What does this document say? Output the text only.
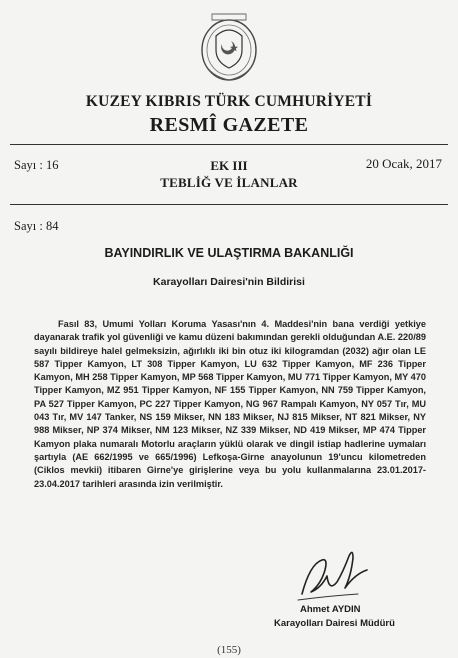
KUZEY KIBRIS TÜRK CUMHURİYETİ
RESMÎ GAZETE
Sayı : 16	EK III	20 Ocak, 2017
TEBLİĞ VE İLANLAR
Sayı : 84
BAYINDIRLIK VE ULAŞTIRMA BAKANLIĞI
Karayolları Dairesi'nin Bildirisi
Fasıl 83, Umumi Yolları Koruma Yasası'nın 4. Maddesi'nin bana verdiği yetkiye dayanarak trafik yol güvenliği ve kamu düzeni bakımından gerekli olduğundan A.E. 220/89 sayılı bildireye halel gelmeksizin, ağırlıklı iki bin otuz iki kilogramdan (2032) ağır olan LE 587 Tipper Kamyon, LT 308 Tipper Kamyon, LU 632 Tipper Kamyon, MF 236 Tipper Kamyon, MH 258 Tipper Kamyon, MP 568 Tipper Kamyon, MU 771 Tipper Kamyon, MY 470 Tipper Kamyon, MZ 951 Tipper Kamyon, NF 155 Tipper Kamyon, NN 759 Tipper Kamyon, PA 527 Tipper Kamyon, PC 227 Tipper Kamyon, NG 967 Rampalı Kamyon, NY 057 Tır, MU 043 Tır, MV 147 Tanker, NS 159 Mikser, NN 183 Mikser, NJ 815 Mikser, NT 821 Mikser, NY 988 Mikser, NP 374 Mikser, NM 123 Mikser, NZ 339 Mikser, ND 419 Mikser, MP 474 Tipper Kamyon plaka numaralı Motorlu araçların yüklü olarak ve dingil istiap hadlerine uymaları şartıyla (AE 662/1995 ve 665/1996) Lefkoşa-Girne anayolunun 19'uncu kilometreden (Ciklos mevkii) itibaren Girne'ye girişlerine veya bu yolu kullanmalarına 23.01.2017-23.04.2017 tarihleri arasında izin verilmiştir.
Ahmet AYDIN
Karayolları Dairesi Müdürü
(155)
